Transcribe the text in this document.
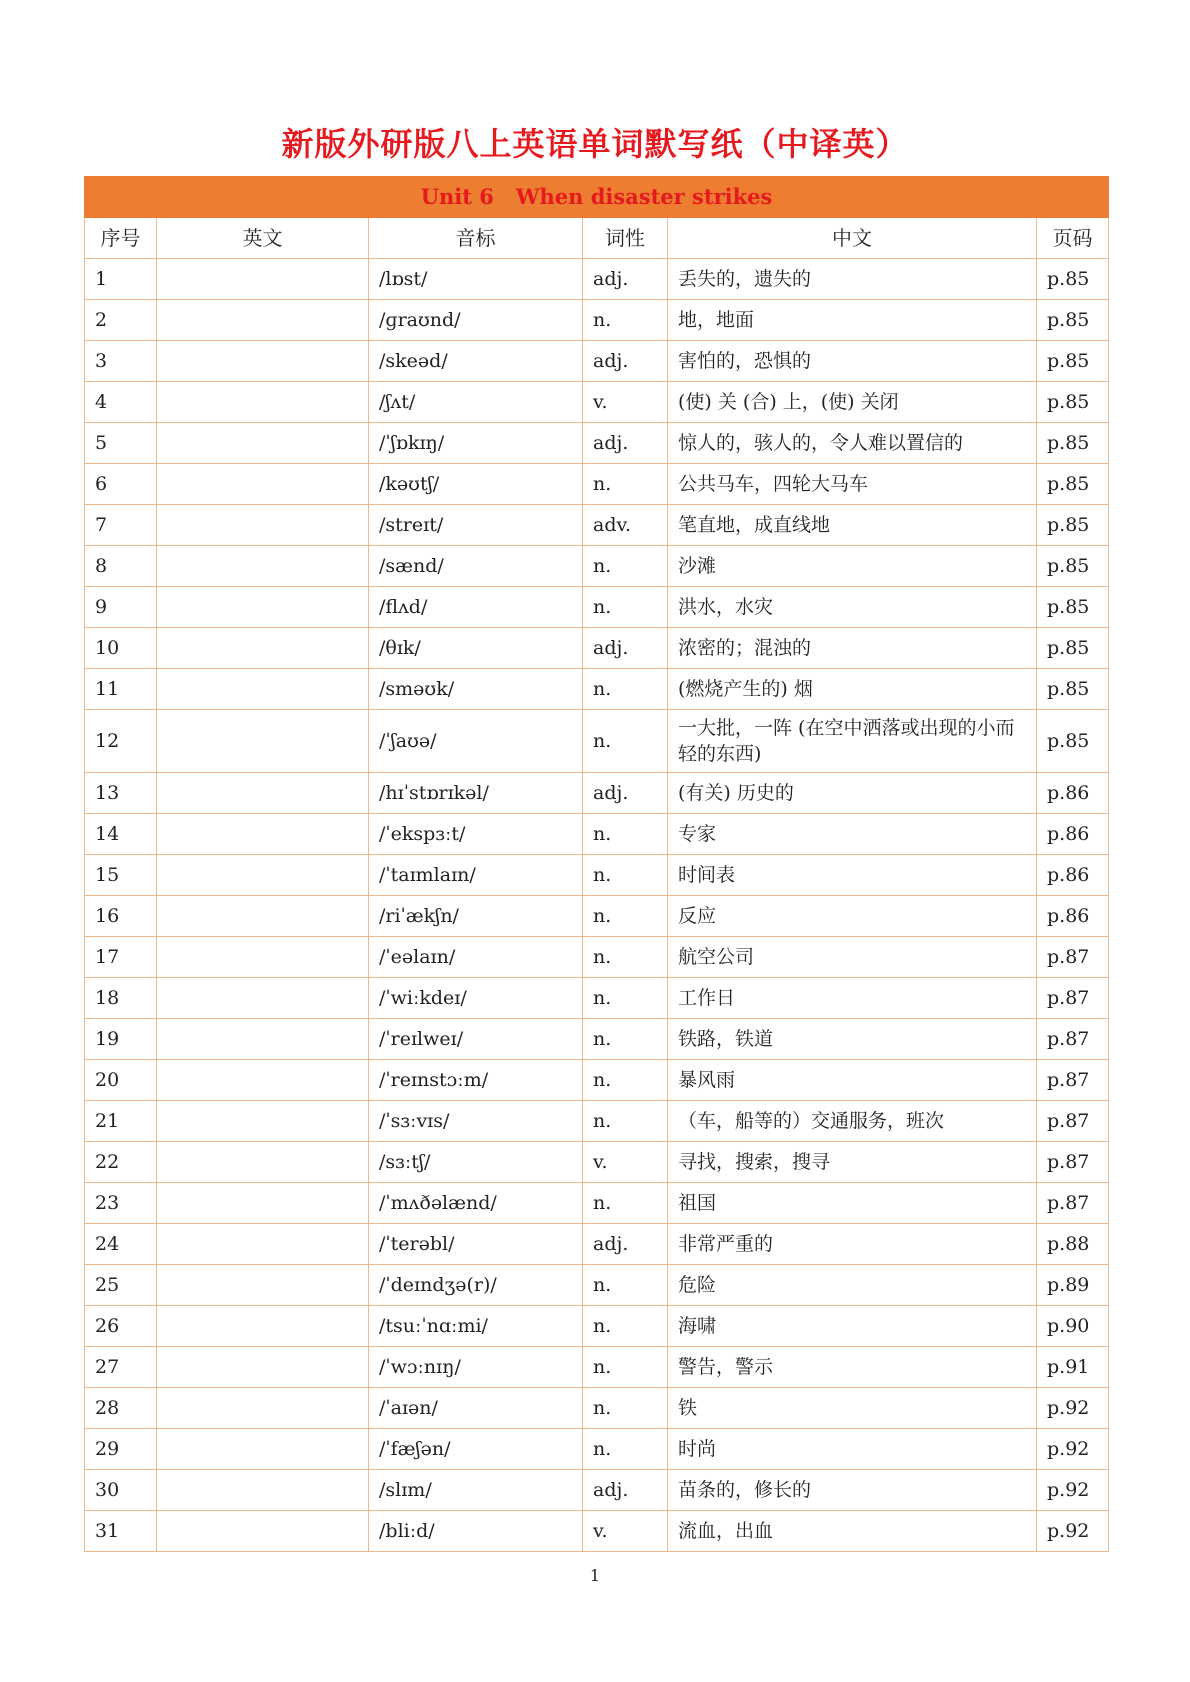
新版外研版八上英语单词默写纸（中译英）
Unit 6 When disaster strikes					
序号	英文	音标	词性	中文	页码
1		/lɒst/	adj.	丢失的，遗失的	p.85
2		/ɡraʊnd/	n.	地，地面	p.85
3		/skeəd/	adj.	害怕的，恐惧的	p.85
4		/ʃʌt/	v.	(使) 关 (合) 上，(使) 关闭	p.85
5		/ˈʃɒkɪŋ/	adj.	惊人的，骇人的，令人难以置信的	p.85
6		/kəʊtʃ/	n.	公共马车，四轮大马车	p.85
7		/streɪt/	adv.	笔直地，成直线地	p.85
8		/sænd/	n.	沙滩	p.85
9		/flʌd/	n.	洪水，水灾	p.85
10		/θɪk/	adj.	浓密的；混浊的	p.85
11		/sməʊk/	n.	(燃烧产生的) 烟	p.85
12		/ˈʃaʊə/	n.	一大批，一阵 (在空中洒落或出现的小而轻的东西)	p.85
13		/hɪˈstɒrɪkəl/	adj.	(有关) 历史的	p.86
14		/ˈekspɜːt/	n.	专家	p.86
15		/ˈtaɪmlaɪn/	n.	时间表	p.86
16		/riˈækʃn/	n.	反应	p.86
17		/ˈeəlaɪn/	n.	航空公司	p.87
18		/ˈwiːkdeɪ/	n.	工作日	p.87
19		/ˈreɪlweɪ/	n.	铁路，铁道	p.87
20		/ˈreɪnstɔːm/	n.	暴风雨	p.87
21		/ˈsɜːvɪs/	n.	（车，船等的）交通服务，班次	p.87
22		/sɜːtʃ/	v.	寻找，搜索，搜寻	p.87
23		/ˈmʌðəlænd/	n.	祖国	p.87
24		/ˈterəbl/	adj.	非常严重的	p.88
25		/ˈdeɪndʒə(r)/	n.	危险	p.89
26		/tsuːˈnɑːmi/	n.	海啸	p.90
27		/ˈwɔːnɪŋ/	n.	警告，警示	p.91
28		/ˈaɪən/	n.	铁	p.92
29		/ˈfæʃən/	n.	时尚	p.92
30		/slɪm/	adj.	苗条的，修长的	p.92
31		/bliːd/	v.	流血，出血	p.92
1
